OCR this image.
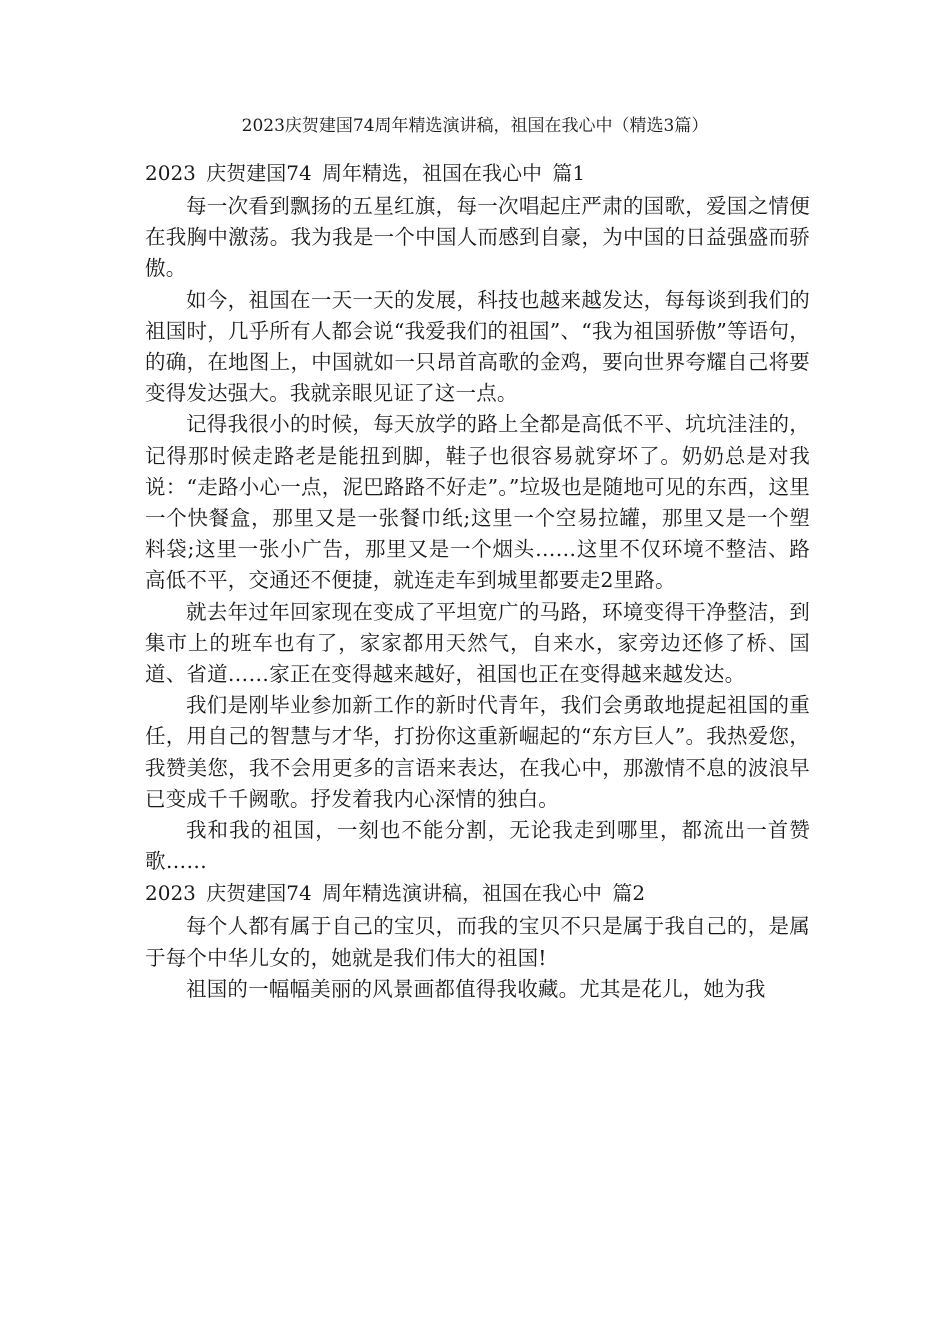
2023庆贺建国74周年精选演讲稿，祖国在我心中（精选3篇）

2023 庆贺建国74 周年精选，祖国在我心中 篇1

每一次看到飘扬的五星红旗，每一次唱起庄严肃的国歌，爱国之情便在我胸中激荡。我为我是一个中国人而感到自豪，为中国的日益强盛而骄傲。

如今，祖国在一天一天的发展，科技也越来越发达，每每谈到我们的祖国时，几乎所有人都会说“我爱我们的祖国”、“我为祖国骄傲”等语句，的确，在地图上，中国就如一只昂首高歌的金鸡，要向世界夸耀自己将要变得发达强大。我就亲眼见证了这一点。

记得我很小的时候，每天放学的路上全都是高低不平、坑坑洼洼的，记得那时候走路老是能扭到脚，鞋子也很容易就穿坏了。奶奶总是对我说：“走路小心一点，泥巴路路不好走”。”垃圾也是随地可见的东西，这里一个快餐盒，那里又是一张餐巾纸;这里一个空易拉罐，那里又是一个塑料袋;这里一张小广告，那里又是一个烟头……这里不仅环境不整洁、路高低不平，交通还不便捷，就连走车到城里都要走2里路。

就去年过年回家现在变成了平坦宽广的马路，环境变得干净整洁，到集市上的班车也有了，家家都用天然气，自来水，家旁边还修了桥、国道、省道……家正在变得越来越好，祖国也正在变得越来越发达。

我们是刚毕业参加新工作的新时代青年，我们会勇敢地提起祖国的重任，用自己的智慧与才华，打扮你这重新崛起的“东方巨人”。我热爱您，我赞美您，我不会用更多的言语来表达，在我心中，那激情不息的波浪早已变成千千阙歌。抒发着我内心深情的独白。

我和我的祖国，一刻也不能分割，无论我走到哪里，都流出一首赞歌……

2023 庆贺建国74 周年精选演讲稿，祖国在我心中 篇2

每个人都有属于自己的宝贝，而我的宝贝不只是属于我自己的，是属于每个中华儿女的，她就是我们伟大的祖国!

祖国的一幅幅美丽的风景画都值得我收藏。尤其是花儿，她为我
